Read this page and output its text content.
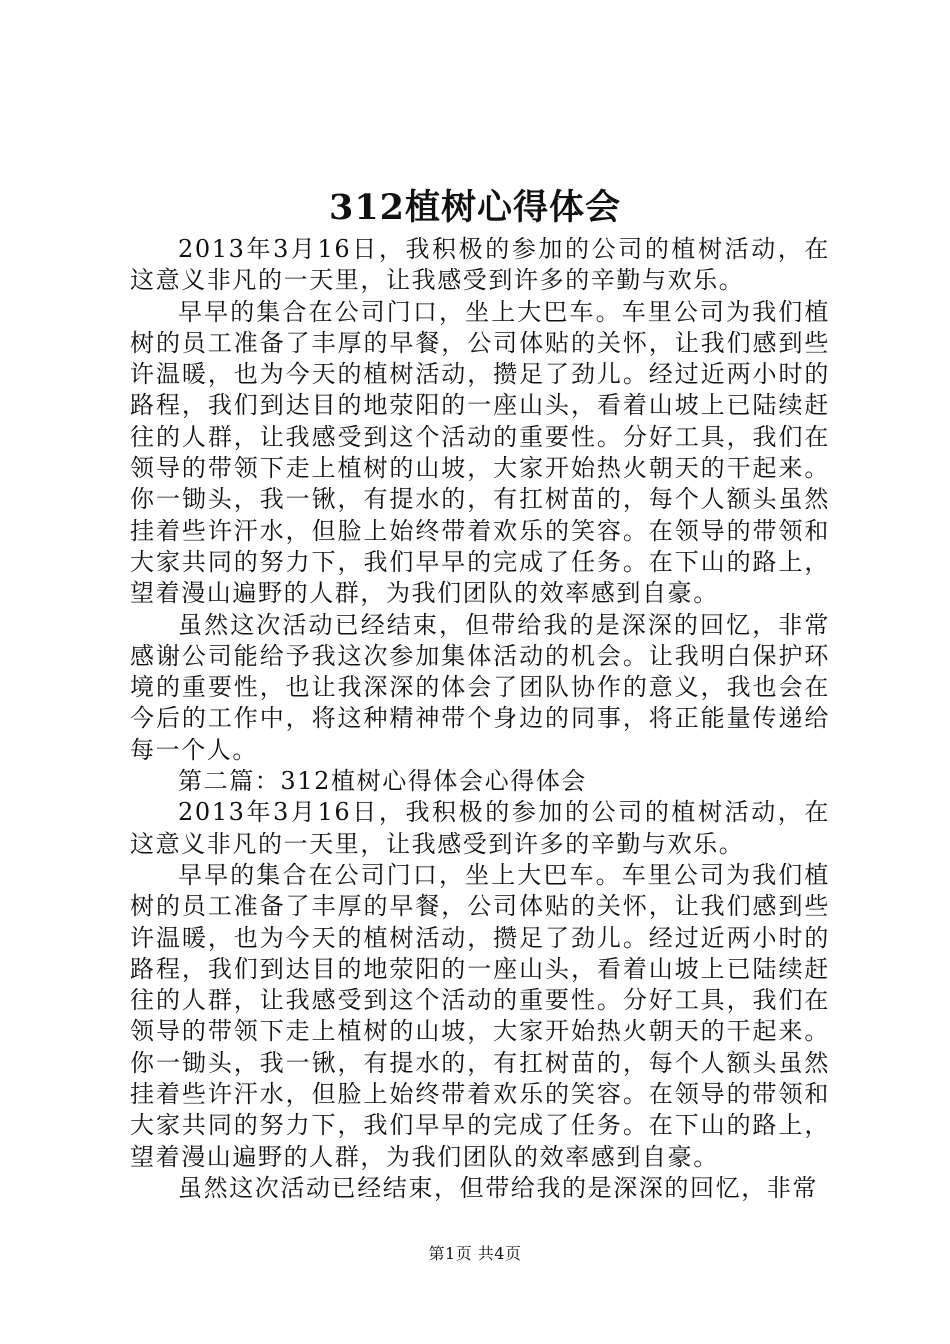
312植树心得体会

2013年3月16日，我积极的参加的公司的植树活动，在这意义非凡的一天里，让我感受到许多的辛勤与欢乐。

早早的集合在公司门口，坐上大巴车。车里公司为我们植树的员工准备了丰厚的早餐，公司体贴的关怀，让我们感到些许温暖，也为今天的植树活动，攒足了劲儿。经过近两小时的路程，我们到达目的地荥阳的一座山头，看着山坡上已陆续赶往的人群，让我感受到这个活动的重要性。分好工具，我们在领导的带领下走上植树的山坡，大家开始热火朝天的干起来。你一锄头，我一锹，有提水的，有扛树苗的，每个人额头虽然挂着些许汗水，但脸上始终带着欢乐的笑容。在领导的带领和大家共同的努力下，我们早早的完成了任务。在下山的路上，望着漫山遍野的人群，为我们团队的效率感到自豪。

虽然这次活动已经结束，但带给我的是深深的回忆，非常感谢公司能给予我这次参加集体活动的机会。让我明白保护环境的重要性，也让我深深的体会了团队协作的意义，我也会在今后的工作中，将这种精神带个身边的同事，将正能量传递给每一个人。

第二篇：312植树心得体会心得体会

2013年3月16日，我积极的参加的公司的植树活动，在这意义非凡的一天里，让我感受到许多的辛勤与欢乐。

早早的集合在公司门口，坐上大巴车。车里公司为我们植树的员工准备了丰厚的早餐，公司体贴的关怀，让我们感到些许温暖，也为今天的植树活动，攒足了劲儿。经过近两小时的路程，我们到达目的地荥阳的一座山头，看着山坡上已陆续赶往的人群，让我感受到这个活动的重要性。分好工具，我们在领导的带领下走上植树的山坡，大家开始热火朝天的干起来。你一锄头，我一锹，有提水的，有扛树苗的，每个人额头虽然挂着些许汗水，但脸上始终带着欢乐的笑容。在领导的带领和大家共同的努力下，我们早早的完成了任务。在下山的路上，望着漫山遍野的人群，为我们团队的效率感到自豪。

虽然这次活动已经结束，但带给我的是深深的回忆，非常

第1页 共4页
